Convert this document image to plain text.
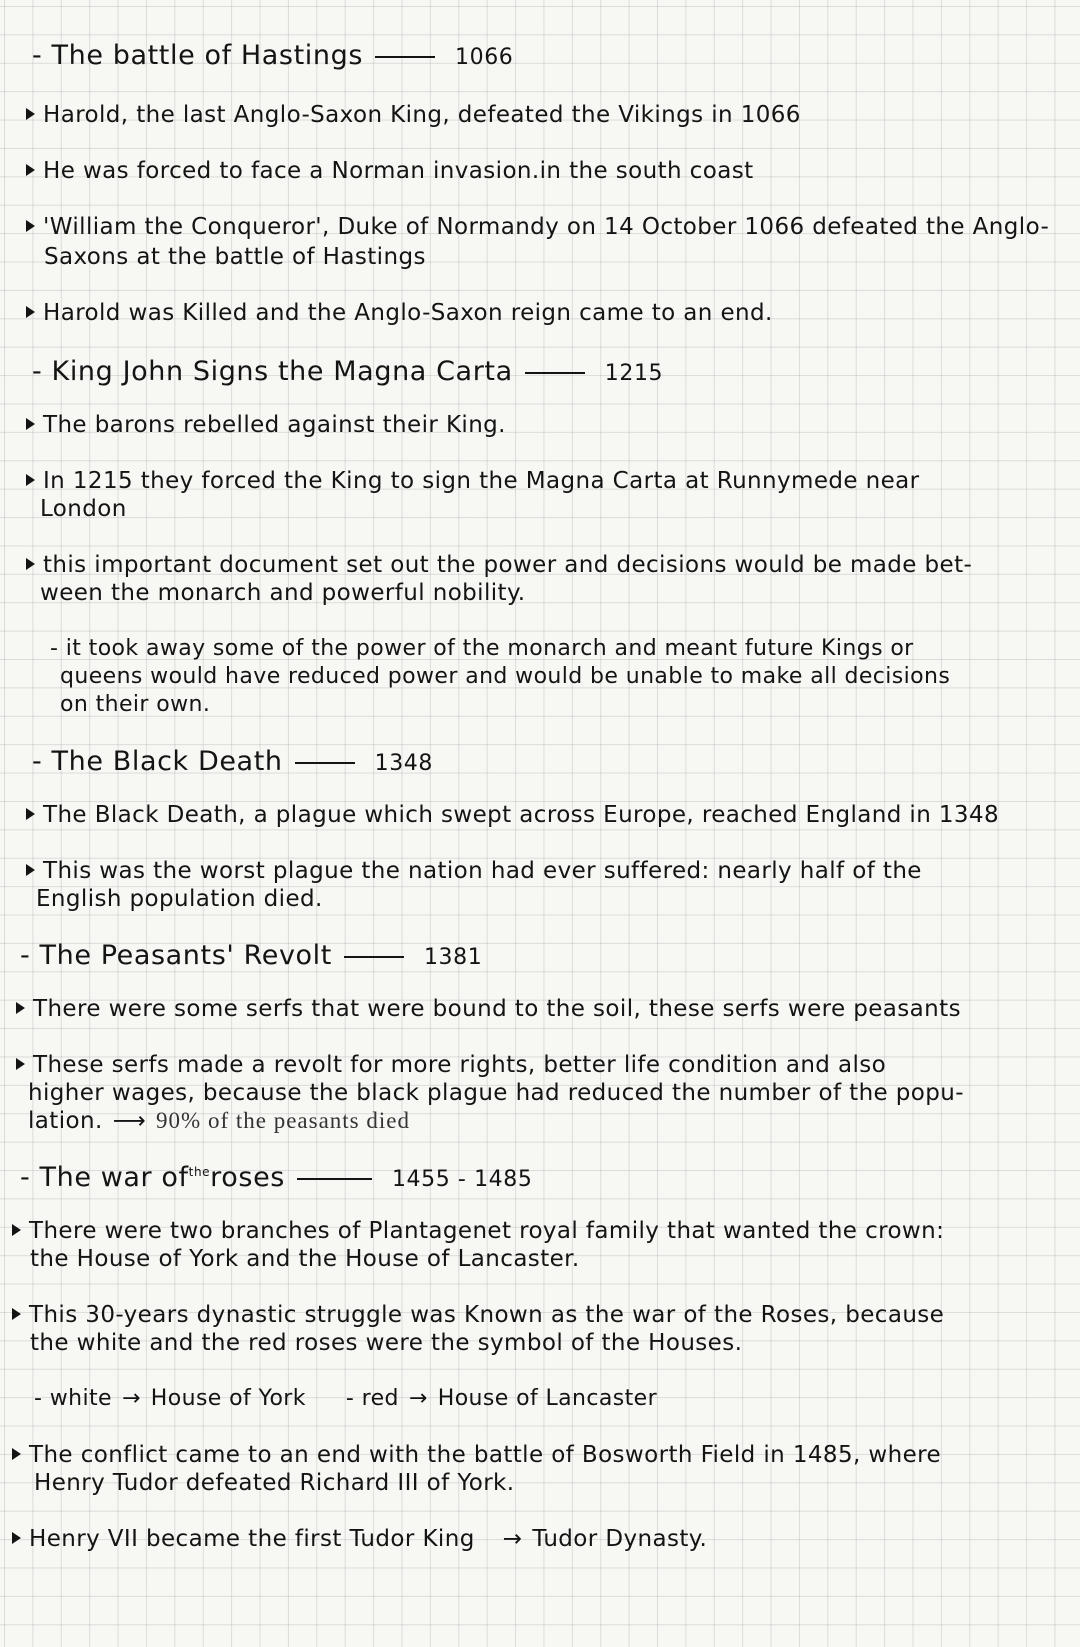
- The battle of Hastings	1066
Harold, the last Anglo-Saxon King, defeated the Vikings in 1066
He was forced to face a Norman invasion.in the south coast
'William the Conqueror', Duke of Normandy on 14 October 1066 defeated the Anglo-
Saxons at the battle of Hastings
Harold was Killed and the Anglo-Saxon reign came to an end.
- King John Signs the Magna Carta	1215
The barons rebelled against their King.
In 1215 they forced the King to sign the Magna Carta at Runnymede near
London
this important document set out the power and decisions would be made bet-
ween the monarch and powerful nobility.
- it took away some of the power of the monarch and meant future Kings or
queens would have reduced power and would be unable to make all decisions
on their own.
- The Black Death	1348
The Black Death, a plague which swept across Europe, reached England in 1348
This was the worst plague the nation had ever suffered: nearly half of the
English population died.
- The Peasants' Revolt	1381
There were some serfs that were bound to the soil, these serfs were peasants
These serfs made a revolt for more rights, better life condition and also
higher wages, because the black plague had reduced the number of the popu-
lation. ⟶ 90% of the peasants died
- The war $of^{the}roses$	1455 - 1485
There were two branches of Plantagenet royal family that wanted the crown:
the House of York and the House of Lancaster.
This 30-years dynastic struggle was Known as the war of the Roses, because
the white and the red roses were the symbol of the Houses.
- white → House of York - red → House of Lancaster
The conflict came to an end with the battle of Bosworth Field in 1485, where
Henry Tudor defeated Richard III of York.
Henry VII became the first Tudor King → Tudor Dynasty.
